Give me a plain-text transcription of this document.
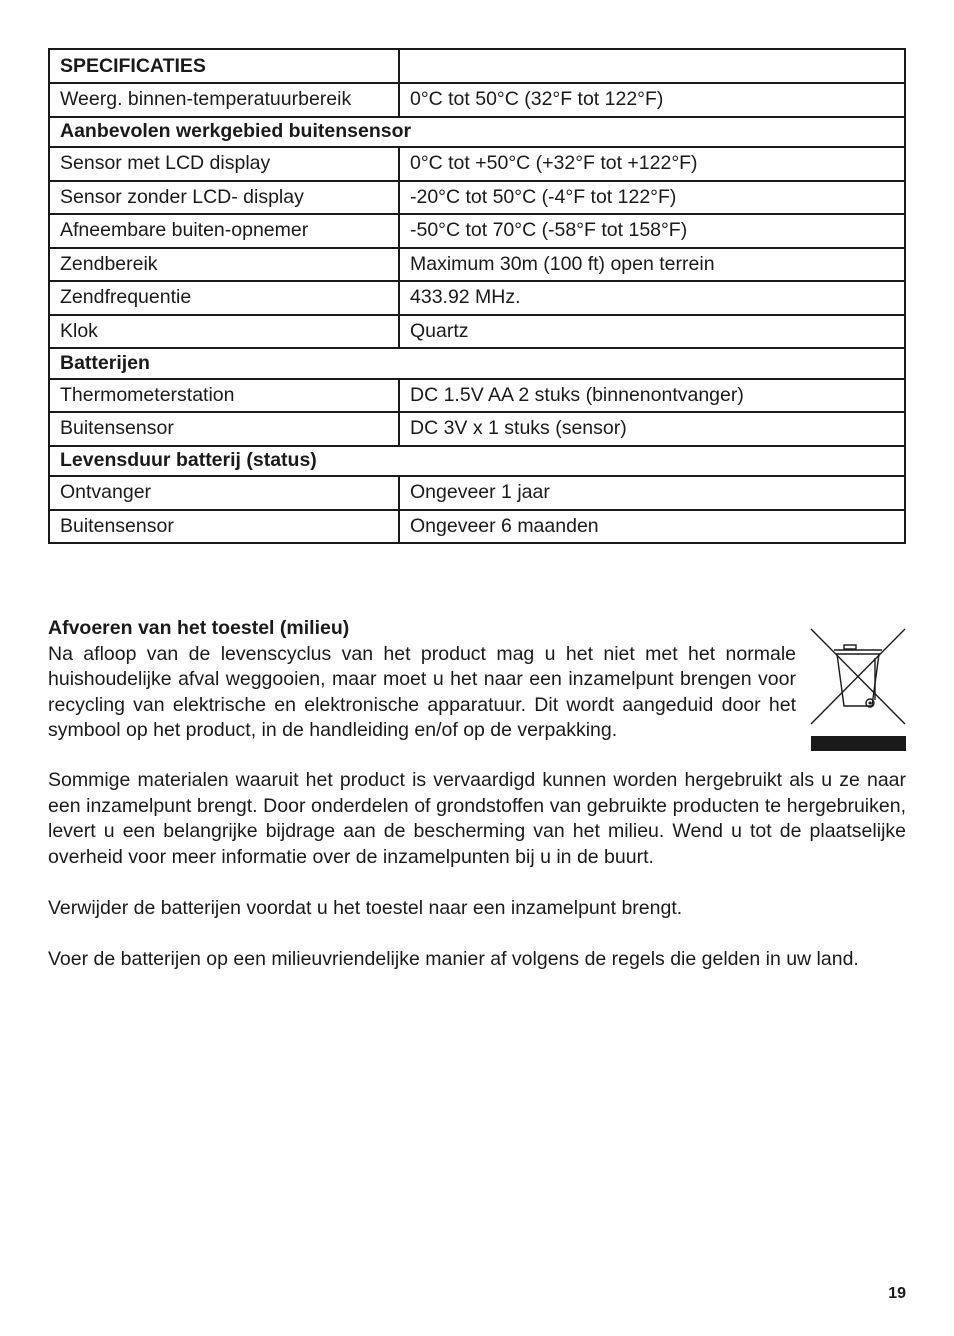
SPECIFICATIES	
Weerg. binnen-temperatuurbereik	0°C tot 50°C (32°F tot 122°F)
Aanbevolen werkgebied buitensensor	
Sensor met LCD display	0°C tot +50°C (+32°F tot +122°F)
Sensor zonder LCD- display	-20°C tot 50°C (-4°F tot 122°F)
Afneembare buiten-opnemer	-50°C tot 70°C (-58°F tot 158°F)
Zendbereik	Maximum 30m (100 ft) open terrein
Zendfrequentie	433.92 MHz.
Klok	Quartz
Batterijen	
Thermometerstation	DC 1.5V AA 2 stuks (binnenontvanger)
Buitensensor	DC 3V x 1 stuks (sensor)
Levensduur batterij (status)	
Ontvanger	Ongeveer 1 jaar
Buitensensor	Ongeveer 6 maanden

Afvoeren van het toestel (milieu)

Na afloop van de levenscyclus van het product mag u het niet met het normale huishoudelijke afval weggooien, maar moet u het naar een inzamelpunt brengen voor recycling van elektrische en elektronische apparatuur. Dit wordt aangeduid door het symbool op het product, in de handleiding en/of op de verpakking.

Sommige materialen waaruit het product is vervaardigd kunnen worden hergebruikt als u ze naar een inzamelpunt brengt. Door onderdelen of grondstoffen van gebruikte producten te hergebruiken, levert u een belangrijke bijdrage aan de bescherming van het milieu. Wend u tot de plaatselijke overheid voor meer informatie over de inzamelpunten bij u in de buurt.

Verwijder de batterijen voordat u het toestel naar een inzamelpunt brengt.

Voer de batterijen op een milieuvriendelijke manier af volgens de regels die gelden in uw land.

19
